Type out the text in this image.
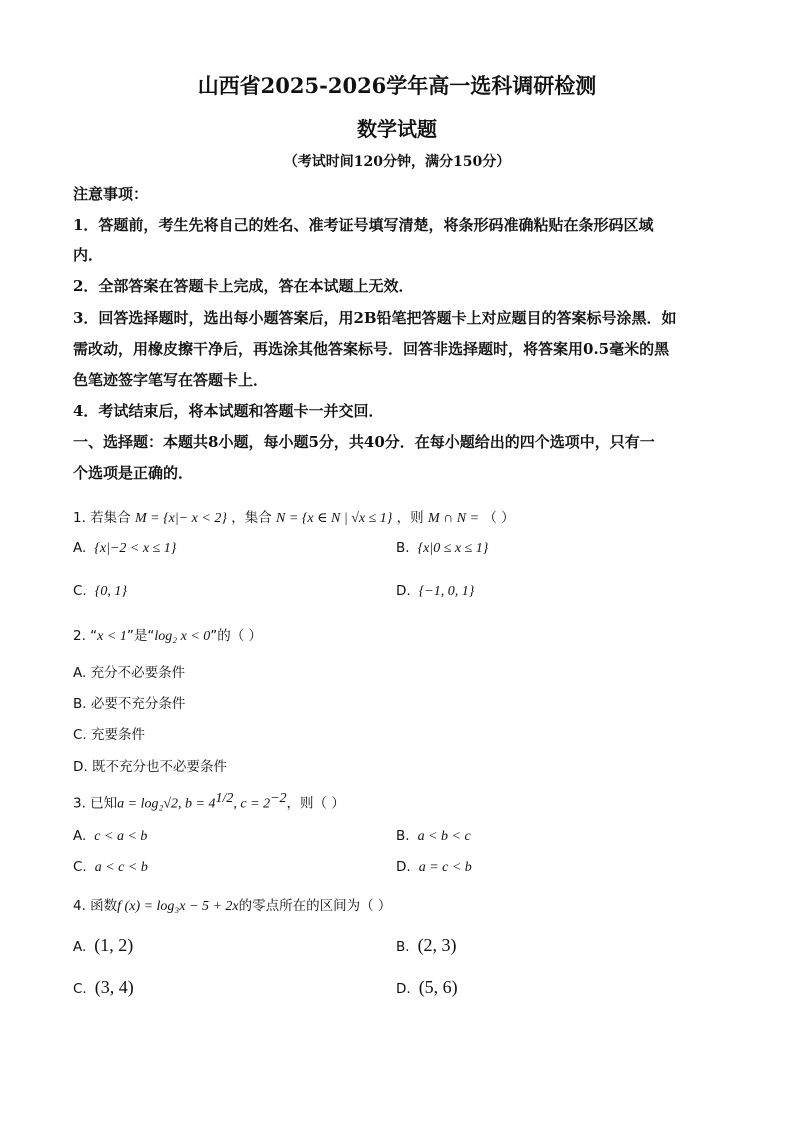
山西省2025-2026学年高一选科调研检测
数学试题
（考试时间120分钟，满分150分）
注意事项：
1．答题前，考生先将自己的姓名、准考证号填写清楚，将条形码准确粘贴在条形码区域
内．
2．全部答案在答题卡上完成，答在本试题上无效．
3．回答选择题时，选出每小题答案后，用2B铅笔把答题卡上对应题目的答案标号涂黑．如
需改动，用橡皮擦干净后，再选涂其他答案标号．回答非选择题时，将答案用0.5毫米的黑
色笔迹签字笔写在答题卡上．
4．考试结束后，将本试题和答题卡一并交回．
一、选择题：本题共8小题，每小题5分，共40分．在每小题给出的四个选项中，只有一
个选项是正确的．
1. 若集合 M = {x|− x < 2} ，集合 N = {x ∈ N | √x ≤ 1} ，则 M ∩ N = （ ）
A. {x|−2 < x ≤ 1}	B. {x|0 ≤ x ≤ 1}
C. {0, 1}	D. {−1, 0, 1}
2. “x < 1”是“log₂ x < 0”的（ ）
A. 充分不必要条件
B. 必要不充分条件
C. 充要条件
D. 既不充分也不必要条件
3. 已知a = log₂√2, $b = 4^{1/2}$, $c = 2^{-2}$，则（ ）
A. c < a < b	B. a < b < c
C. a < c < b	D. a = c < b
4. 函数f (x) = log₃x − 5 + 2x的零点所在的区间为（ ）
A. (1, 2)	B. (2, 3)
C. (3, 4)	D. (5, 6)
